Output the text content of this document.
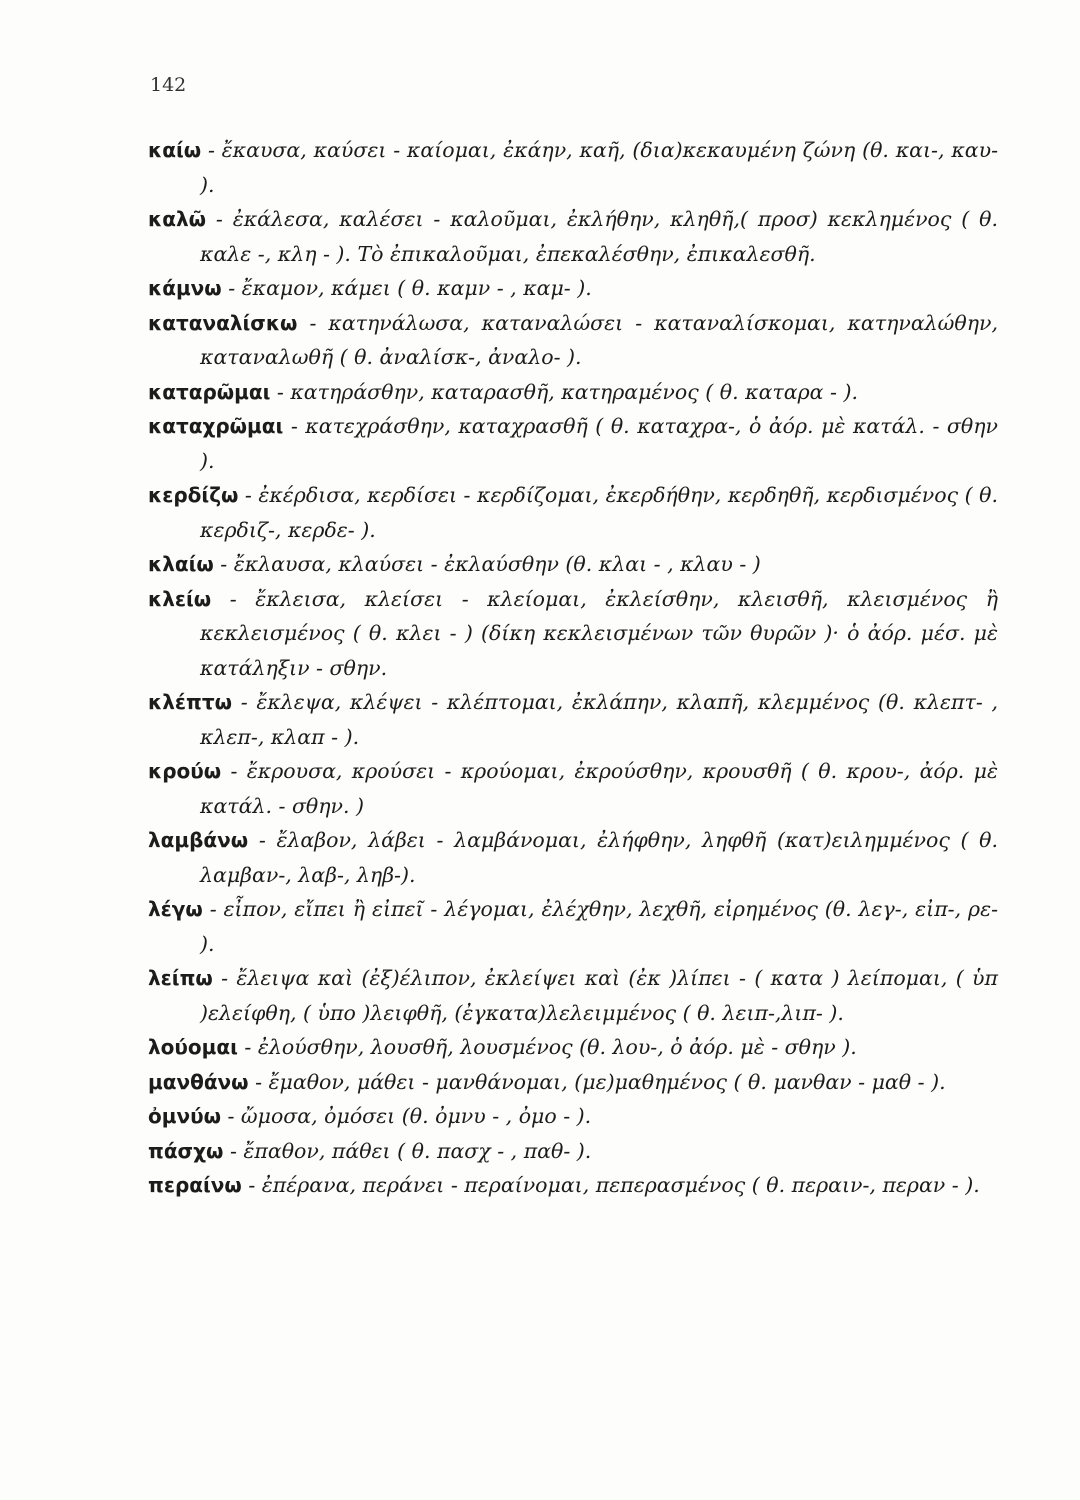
142
καίω - ἔκαυσα, καύσει - καίομαι, ἐκάην, καῆ, (δια)κεκαυμένη ζώνη (θ. και-, καυ- ).
καλῶ - ἐκάλεσα, καλέσει - καλοῦμαι, ἐκλήθην, κληθῆ,( προσ) κεκλημένος ( θ. καλε -, κλη - ). Τὸ ἐπικαλοῦμαι, ἐπεκαλέσθην, ἐπικαλεσθῆ.
κάμνω - ἔκαμον, κάμει ( θ. καμν - , καμ- ).
καταναλίσκω - κατηνάλωσα, καταναλώσει - καταναλίσκομαι, κατηναλώθην, καταναλωθῆ ( θ. ἀναλίσκ-, ἀναλο- ).
καταρῶμαι - κατηράσθην, καταρασθῆ, κατηραμένος ( θ. καταρα - ).
καταχρῶμαι - κατεχράσθην, καταχρασθῆ ( θ. καταχρα-, ὁ ἀόρ. μὲ κατάλ. - σθην ).
κερδίζω - ἐκέρδισα, κερδίσει - κερδίζομαι, ἐκερδήθην, κερδηθῆ, κερδισμένος ( θ. κερδιζ-, κερδε- ).
κλαίω - ἔκλαυσα, κλαύσει - ἐκλαύσθην (θ. κλαι - , κλαυ - )
κλείω - ἔκλεισα, κλείσει - κλείομαι, ἐκλείσθην, κλεισθῆ, κλεισμένος ἢ κεκλεισμένος ( θ. κλει - ) (δίκη κεκλεισμένων τῶν θυρῶν )· ὁ ἀόρ. μέσ. μὲ κατάληξιν - σθην.
κλέπτω - ἔκλεψα, κλέψει - κλέπτομαι, ἐκλάπην, κλαπῆ, κλεμμένος (θ. κλεπτ- , κλεπ-, κλαπ - ).
κρούω - ἔκρουσα, κρούσει - κρούομαι, ἐκρούσθην, κρουσθῆ ( θ. κρου-, ἀόρ. μὲ κατάλ. - σθην. )
λαμβάνω - ἔλαβον, λάβει - λαμβάνομαι, ἐλήφθην, ληφθῆ (κατ)ειλημμένος ( θ. λαμβαν-, λαβ-, ληβ-).
λέγω - εἶπον, εἴπει ἢ εἰπεῖ - λέγομαι, ἐλέχθην, λεχθῆ, εἰρημένος (θ. λεγ-, εἰπ-, ρε- ).
λείπω - ἔλειψα καὶ (ἐξ)έλιπον, ἐκλείψει καὶ (ἐκ )λίπει - ( κατα ) λείπομαι, ( ὑπ )ελείφθη, ( ὑπο )λειφθῆ, (ἐγκατα)λελειμμένος ( θ. λειπ-,λιπ- ).
λούομαι - ἐλούσθην, λουσθῆ, λουσμένος (θ. λου-, ὁ ἀόρ. μὲ - σθην ).
μανθάνω - ἔμαθον, μάθει - μανθάνομαι, (με)μαθημένος ( θ. μανθαν - μαθ - ).
ὀμνύω - ὤμοσα, ὀμόσει (θ. ὀμνυ - , ὀμο - ).
πάσχω - ἔπαθον, πάθει ( θ. πασχ - , παθ- ).
περαίνω - ἐπέρανα, περάνει - περαίνομαι, πεπερασμένος ( θ. περαιν-, περαν - ).
